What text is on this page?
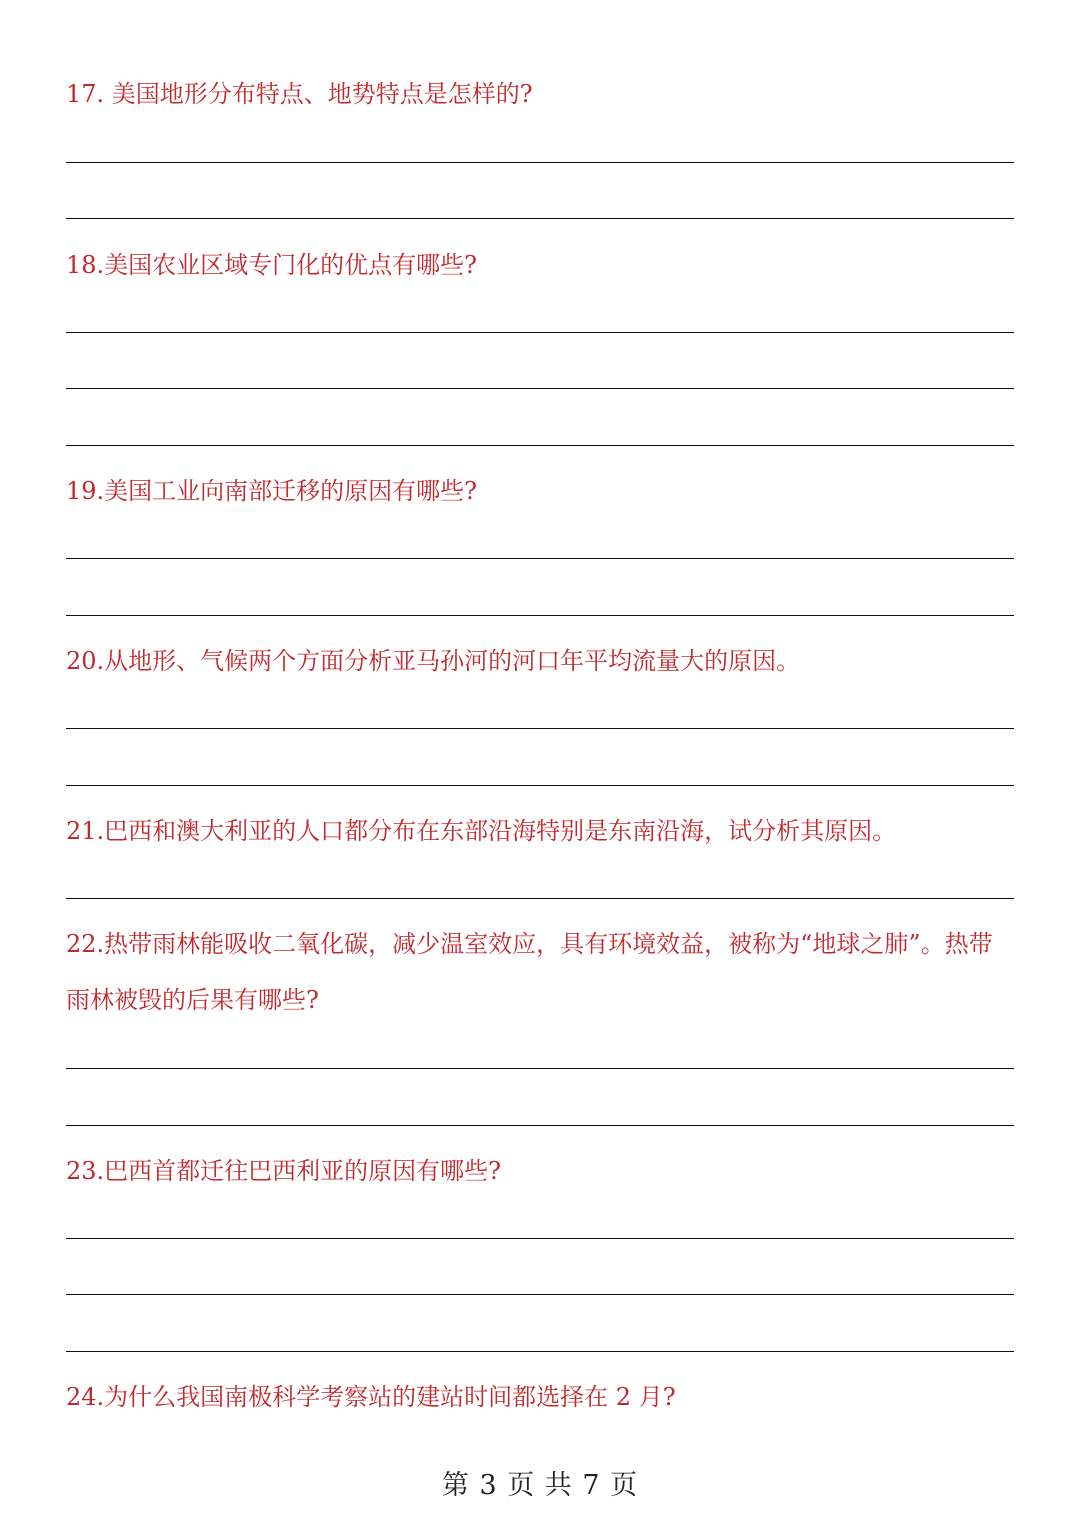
17. 美国地形分布特点、地势特点是怎样的?

18.美国农业区域专门化的优点有哪些?

19.美国工业向南部迁移的原因有哪些?

20.从地形、气候两个方面分析亚马孙河的河口年平均流量大的原因。

21.巴西和澳大利亚的人口都分布在东部沿海特别是东南沿海，试分析其原因。

22.热带雨林能吸收二氧化碳，减少温室效应，具有环境效益，被称为“地球之肺”。热带雨林被毁的后果有哪些?

23.巴西首都迁往巴西利亚的原因有哪些?

24.为什么我国南极科学考察站的建站时间都选择在 2 月?

第 3 页 共 7 页
